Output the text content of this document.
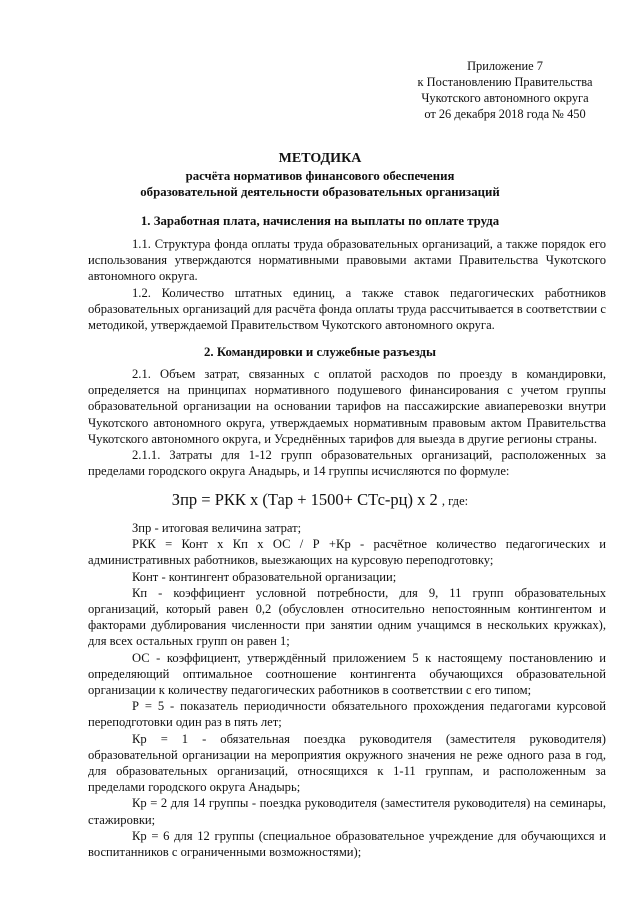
Приложение 7
к Постановлению Правительства
Чукотского автономного округа
от 26 декабря 2018 года № 450
МЕТОДИКА
расчёта нормативов финансового обеспечения
образовательной деятельности образовательных организаций
1. Заработная плата, начисления на выплаты по оплате труда

1.1. Структура фонда оплаты труда образовательных организаций, а также порядок его использования утверждаются нормативными правовыми актами Правительства Чукотского автономного округа.

1.2. Количество штатных единиц, а также ставок педагогических работников образовательных организаций для расчёта фонда оплаты труда рассчитывается в соответствии с методикой, утверждаемой Правительством Чукотского автономного округа.

2. Командировки и служебные разъезды

2.1. Объем затрат, связанных с оплатой расходов по проезду в командировки, определяется на принципах нормативного подушевого финансирования с учетом группы образовательной организации на основании тарифов на пассажирские авиаперевозки внутри Чукотского автономного округа, утверждаемых нормативным правовым актом Правительства Чукотского автономного округа, и Усреднённых тарифов для выезда в другие регионы страны.

2.1.1. Затраты для 1-12 групп образовательных организаций, расположенных за пределами городского округа Анадырь, и 14 группы исчисляются по формуле:

Зпр = РКК х (Тар + 1500+ СТс-рц) х 2 , где:

Зпр - итоговая величина затрат;

РКК = Конт х Кп х ОС / Р +Кр - расчётное количество педагогических и административных работников, выезжающих на курсовую переподготовку;

Конт - контингент образовательной организации;

Кп - коэффициент условной потребности, для 9, 11 групп образовательных организаций, который равен 0,2 (обусловлен относительно непостоянным контингентом и факторами дублирования численности при занятии одним учащимся в нескольких кружках), для всех остальных групп он равен 1;

ОС - коэффициент, утверждённый приложением 5 к настоящему постановлению и определяющий оптимальное соотношение контингента обучающихся образовательной организации к количеству педагогических работников в соответствии с его типом;

Р = 5 - показатель периодичности обязательного прохождения педагогами курсовой переподготовки один раз в пять лет;

Кр = 1 - обязательная поездка руководителя (заместителя руководителя) образовательной организации на мероприятия окружного значения не реже одного раза в год, для образовательных организаций, относящихся к 1-11 группам, и расположенным за пределами городского округа Анадырь;

Кр = 2 для 14 группы - поездка руководителя (заместителя руководителя) на семинары, стажировки;

Кр = 6 для 12 группы (специальное образовательное учреждение для обучающихся и воспитанников с ограниченными возможностями);
